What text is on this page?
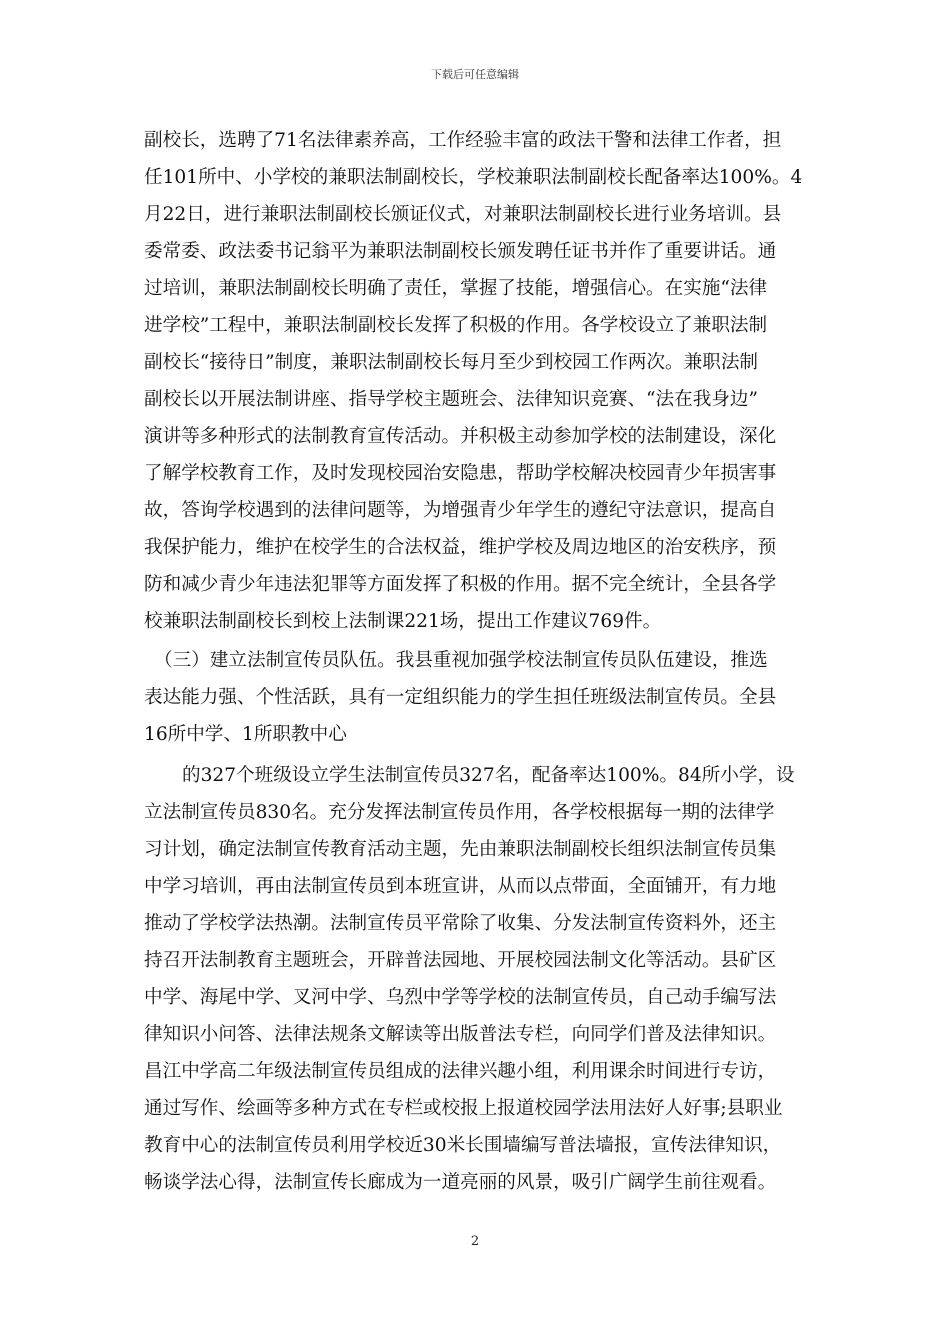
下载后可任意编辑

副校长，选聘了71名法律素养高，工作经验丰富的政法干警和法律工作者，担

任101所中、小学校的兼职法制副校长，学校兼职法制副校长配备率达100%。4

月22日，进行兼职法制副校长颁证仪式，对兼职法制副校长进行业务培训。县

委常委、政法委书记翁平为兼职法制副校长颁发聘任证书并作了重要讲话。通

过培训，兼职法制副校长明确了责任，掌握了技能，增强信心。在实施“法律

进学校”工程中，兼职法制副校长发挥了积极的作用。各学校设立了兼职法制

副校长“接待日”制度，兼职法制副校长每月至少到校园工作两次。兼职法制

副校长以开展法制讲座、指导学校主题班会、法律知识竞赛、“法在我身边”

演讲等多种形式的法制教育宣传活动。并积极主动参加学校的法制建设，深化

了解学校教育工作，及时发现校园治安隐患，帮助学校解决校园青少年损害事

故，答询学校遇到的法律问题等，为增强青少年学生的遵纪守法意识，提高自

我保护能力，维护在校学生的合法权益，维护学校及周边地区的治安秩序，预

防和减少青少年违法犯罪等方面发挥了积极的作用。据不完全统计，全县各学

校兼职法制副校长到校上法制课221场，提出工作建议769件。

（三）建立法制宣传员队伍。我县重视加强学校法制宣传员队伍建设，推选

表达能力强、个性活跃，具有一定组织能力的学生担任班级法制宣传员。全县

16所中学、1所职教中心

的327个班级设立学生法制宣传员327名，配备率达100%。84所小学，设

立法制宣传员830名。充分发挥法制宣传员作用，各学校根据每一期的法律学

习计划，确定法制宣传教育活动主题，先由兼职法制副校长组织法制宣传员集

中学习培训，再由法制宣传员到本班宣讲，从而以点带面，全面铺开，有力地

推动了学校学法热潮。法制宣传员平常除了收集、分发法制宣传资料外，还主

持召开法制教育主题班会，开辟普法园地、开展校园法制文化等活动。县矿区

中学、海尾中学、叉河中学、乌烈中学等学校的法制宣传员，自己动手编写法

律知识小问答、法律法规条文解读等出版普法专栏，向同学们普及法律知识。

昌江中学高二年级法制宣传员组成的法律兴趣小组，利用课余时间进行专访，

通过写作、绘画等多种方式在专栏或校报上报道校园学法用法好人好事;县职业

教育中心的法制宣传员利用学校近30米长围墙编写普法墙报，宣传法律知识，

畅谈学法心得，法制宣传长廊成为一道亮丽的风景，吸引广阔学生前往观看。

2
